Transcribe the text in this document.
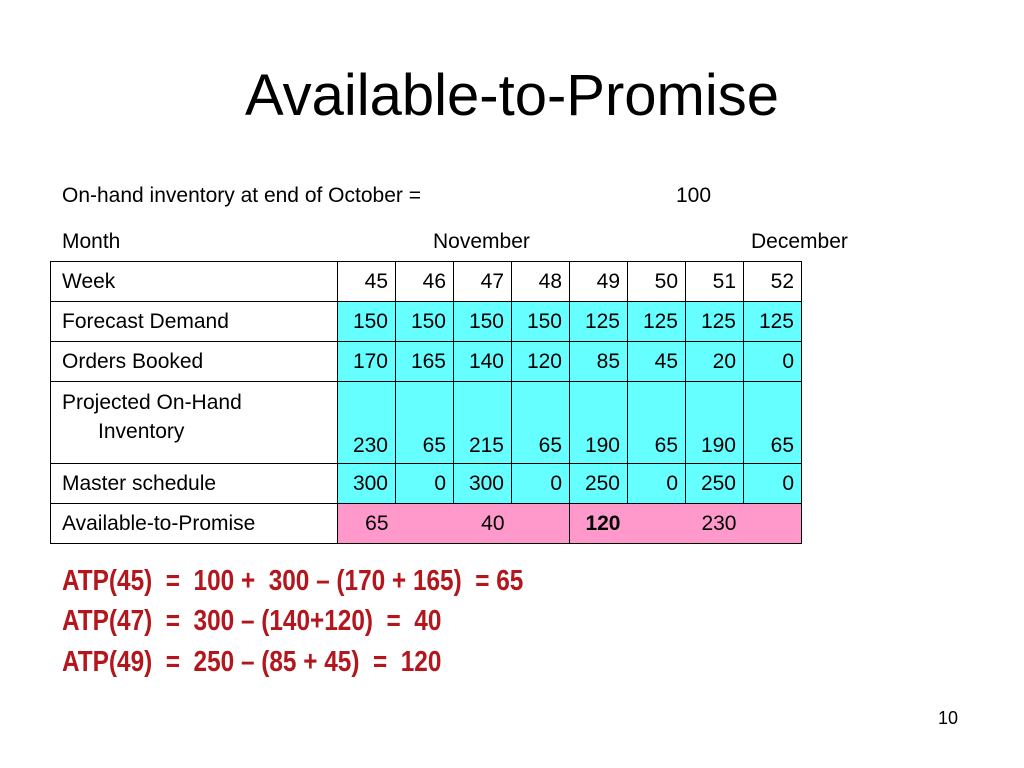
Available-to-Promise
On-hand inventory at end of October =	100
Month	November	December
Week	45	46	47	48	49	50	51	52
Forecast Demand	150	150	150	150	125	125	125	125
Orders Booked	170	165	140	120	85	45	20	0
Projected On-Hand
Inventory	230	65	215	65	190	65	190	65
Master schedule	300	0	300	0	250	0	250	0
Available-to-Promise	65		40		120		230	
ATP(45)  =  100 +  300 – (170 + 165)  = 65
ATP(47)  =  300 – (140+120)  =  40
ATP(49)  =  250 – (85 + 45)  =  120
10
